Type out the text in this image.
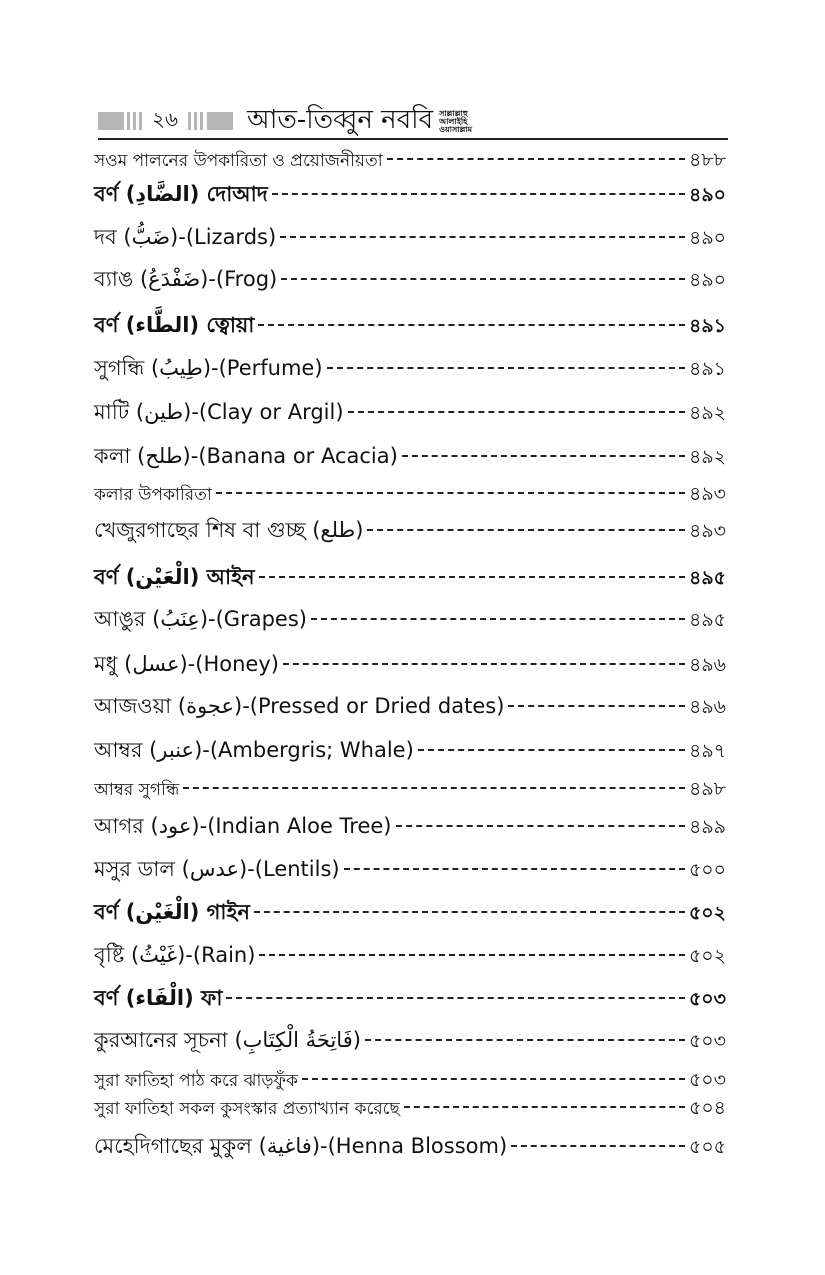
২৬	আত-তিব্বুন নববি সাল্লাল্লাহু
আলাইহি
ওয়াসাল্লাম
সওম পালনের উপকারিতা ও প্রয়োজনীয়তা	৪৮৮
বর্ণ (الضَّادِ) দোআদ	৪৯০
দব (ضَبُّ)-(Lizards)	৪৯০
ব্যাঙ (ضَفْدَعُ)-(Frog)	৪৯০
বর্ণ (الطَّاء) ত্বোয়া	৪৯১
সুগন্ধি (طِيبُ)-(Perfume)	৪৯১
মাটি (طين)-(Clay or Argil)	৪৯২
কলা (طلح)-(Banana or Acacia)	৪৯২
কলার উপকারিতা	৪৯৩
খেজুরগাছের শিষ বা গুচ্ছ (طلع)	৪৯৩
বর্ণ (الْعَيْن) আইন	৪৯৫
আঙুর (عِنَبُ)-(Grapes)	৪৯৫
মধু (عسل)-(Honey)	৪৯৬
আজওয়া (عجوة)-(Pressed or Dried dates)	৪৯৬
আম্বর (عنبر)-(Ambergris; Whale)	৪৯৭
আম্বর সুগন্ধি	৪৯৮
আগর (عود)-(Indian Aloe Tree)	৪৯৯
মসুর ডাল (عدس)-(Lentils)	৫০০
বর্ণ (الْغَيْن) গাইন	৫০২
বৃষ্টি (غَيْثُ)-(Rain)	৫০২
বর্ণ (الْفَاء) ফা	৫০৩
কুরআনের সূচনা (فَاتِحَةُ الْكِتَابِ)	৫০৩
সুরা ফাতিহা পাঠ করে ঝাড়ফুঁক	৫০৩
সুরা ফাতিহা সকল কুসংস্কার প্রত্যাখ্যান করেছে	৫০৪
মেহেদিগাছের মুকুল (فاغية)-(Henna Blossom)	৫০৫
